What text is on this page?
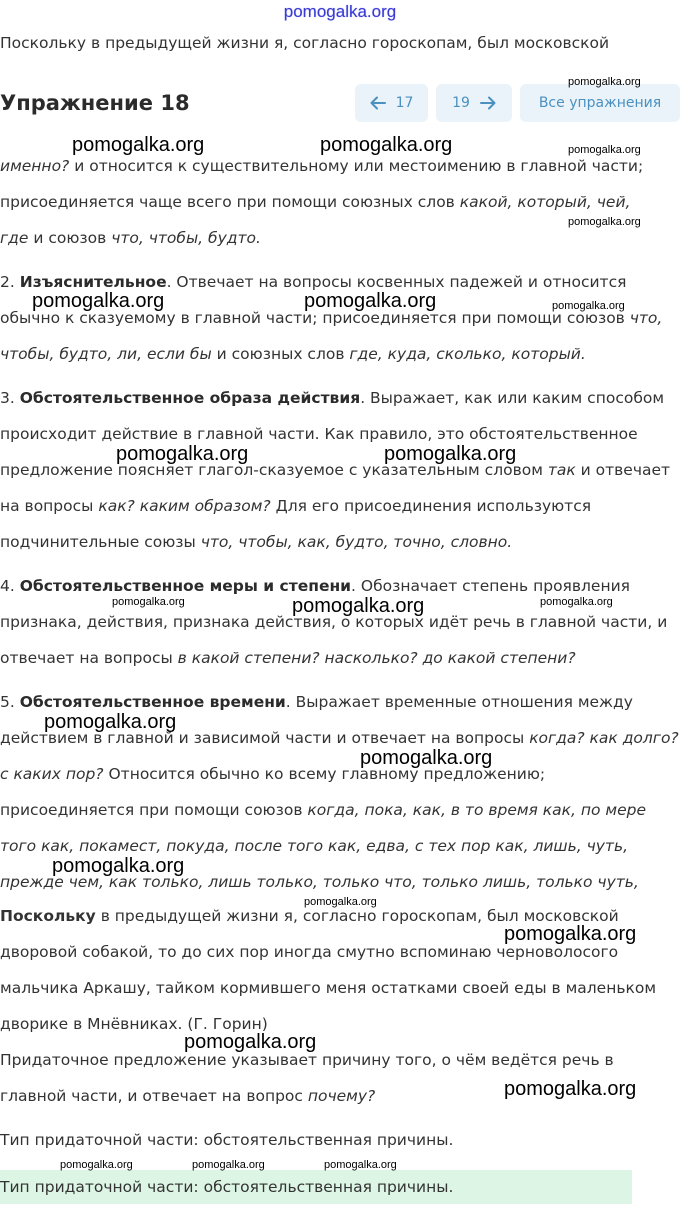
pomogalka.org
Поскольку в предыдущей жизни я, согласно гороскопам, был московской
Упражнение 18	17	19	Все упражнения

именно? и относится к существительному или местоимению в главной части;
присоединяется чаще всего при помощи союзных слов какой, который, чей,
где и союзов что, чтобы, будто.

2. Изъяснительное. Отвечает на вопросы косвенных падежей и относится обычно к сказуемому в главной части; присоединяется при помощи союзов что, чтобы, будто, ли, если бы и союзных слов где, куда, сколько, который.

3. Обстоятельственное образа действия. Выражает, как или каким способом происходит действие в главной части. Как правило, это обстоятельственное предложение поясняет глагол-сказуемое с указательным словом так и отвечает на вопросы как? каким образом? Для его присоединения используются подчинительные союзы что, чтобы, как, будто, точно, словно.

4. Обстоятельственное меры и степени. Обозначает степень проявления признака, действия, признака действия, о которых идёт речь в главной части, и отвечает на вопросы в какой степени? насколько? до какой степени?

5. Обстоятельственное времени. Выражает временные отношения между действием в главной и зависимой части и отвечает на вопросы когда? как долго? с каких пор? Относится обычно ко всему главному предложению; присоединяется при помощи союзов когда, пока, как, в то время как, по мере того как, покамест, покуда, после того как, едва, с тех пор как, лишь, чуть, прежде чем, как только, лишь только, только что, только лишь, только чуть,

Поскольку в предыдущей жизни я, согласно гороскопам, был московской дворовой собакой, то до сих пор иногда смутно вспоминаю черноволосого мальчика Аркашу, тайком кормившего меня остатками своей еды в маленьком дворике в Мнёвниках. (Г. Горин)

Придаточное предложение указывает причину того, о чём ведётся речь в главной части, и отвечает на вопрос почему?

Тип придаточной части: обстоятельственная причины.

Тип придаточной части: обстоятельственная причины.
pomogalka.org
pomogalka.org	pomogalka.org	pomogalka.org
pomogalka.org
pomogalka.org	pomogalka.org	pomogalka.org
pomogalka.org	pomogalka.org
pomogalka.org	pomogalka.org	pomogalka.org
pomogalka.org
pomogalka.org
pomogalka.org
pomogalka.org
pomogalka.org
pomogalka.org
pomogalka.org
pomogalka.org	pomogalka.org	pomogalka.org
